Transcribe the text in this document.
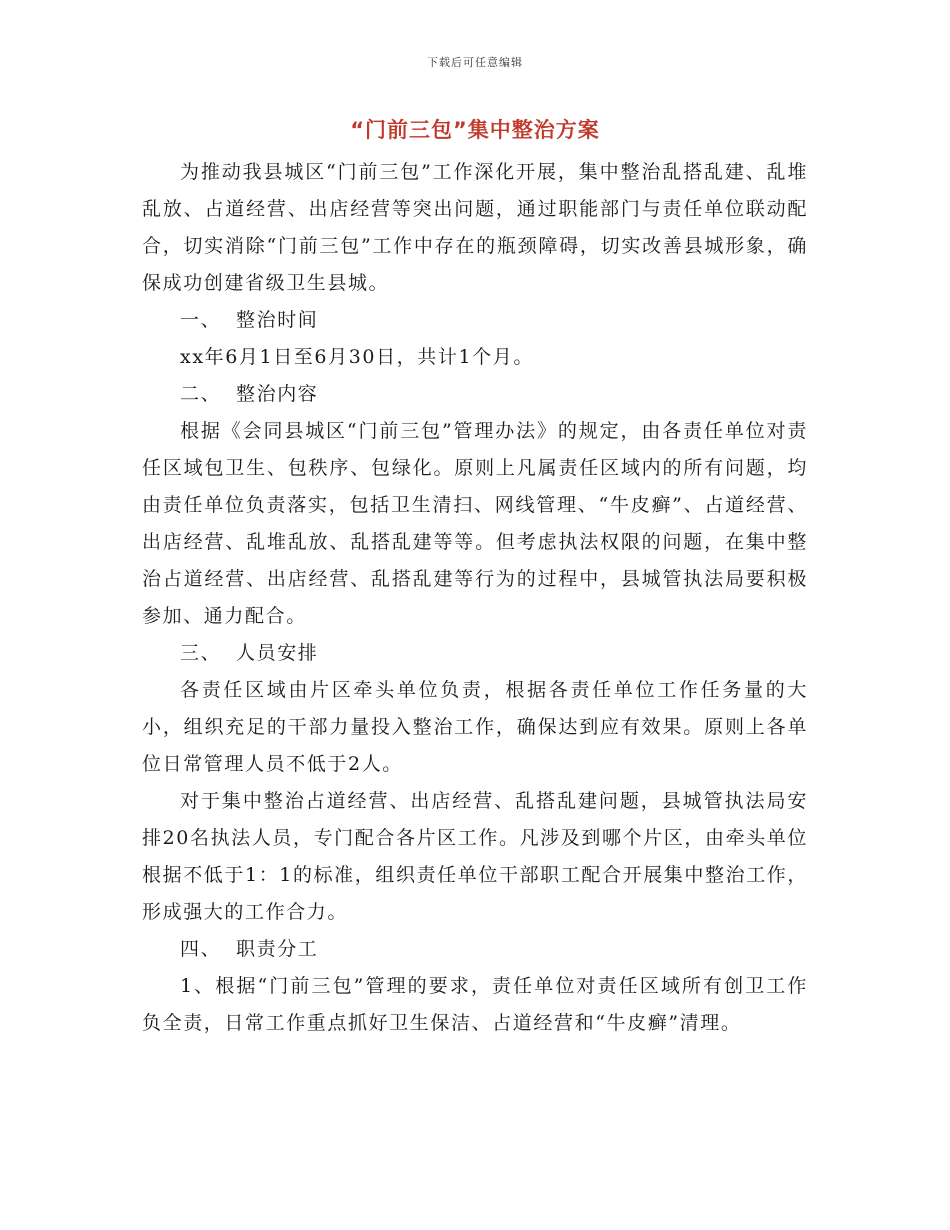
下载后可任意编辑
“门前三包”集中整治方案

为推动我县城区“门前三包”工作深化开展，集中整治乱搭乱建、乱堆乱放、占道经营、出店经营等突出问题，通过职能部门与责任单位联动配合，切实消除“门前三包”工作中存在的瓶颈障碍，切实改善县城形象，确保成功创建省级卫生县城。

一、 整治时间

xx年6月1日至6月30日，共计1个月。

二、 整治内容

根据《会同县城区“门前三包”管理办法》的规定，由各责任单位对责任区域包卫生、包秩序、包绿化。原则上凡属责任区域内的所有问题，均由责任单位负责落实，包括卫生清扫、网线管理、“牛皮癣”、占道经营、出店经营、乱堆乱放、乱搭乱建等等。但考虑执法权限的问题，在集中整治占道经营、出店经营、乱搭乱建等行为的过程中，县城管执法局要积极参加、通力配合。

三、 人员安排

各责任区域由片区牵头单位负责，根据各责任单位工作任务量的大小，组织充足的干部力量投入整治工作，确保达到应有效果。原则上各单位日常管理人员不低于2人。

对于集中整治占道经营、出店经营、乱搭乱建问题，县城管执法局安排20名执法人员，专门配合各片区工作。凡涉及到哪个片区，由牵头单位根据不低于1：1的标准，组织责任单位干部职工配合开展集中整治工作，形成强大的工作合力。

四、 职责分工

1、根据“门前三包”管理的要求，责任单位对责任区域所有创卫工作负全责，日常工作重点抓好卫生保洁、占道经营和“牛皮癣”清理。
